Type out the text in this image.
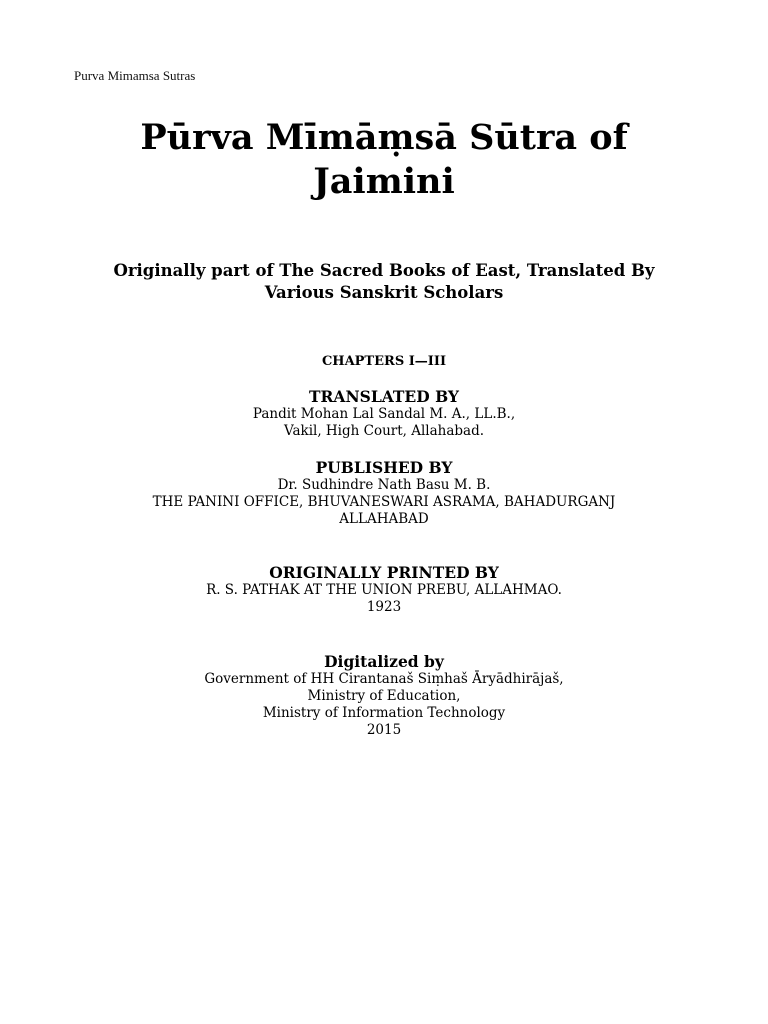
Purva Mimamsa Sutras
Pūrva Mīmāṃsā Sūtra of
Jaimini

Originally part of The Sacred Books of East, Translated By
Various Sanskrit Scholars

CHAPTERS I—III

TRANSLATED BY
Pandit Mohan Lal Sandal M. A., LL.B.,
Vakil, High Court, Allahabad.
PUBLISHED BY
Dr. Sudhindre Nath Basu M. B.
THE PANINI OFFICE, BHUVANESWARI ASRAMA, BAHADURGANJ
ALLAHABAD
ORIGINALLY PRINTED BY
R. S. PATHAK AT THE UNION PREBU, ALLAHMAO.
1923
Digitalized by
Government of HH Cirantanaš Siṃhaš Āryādhirājaš,
Ministry of Education,
Ministry of Information Technology
2015
